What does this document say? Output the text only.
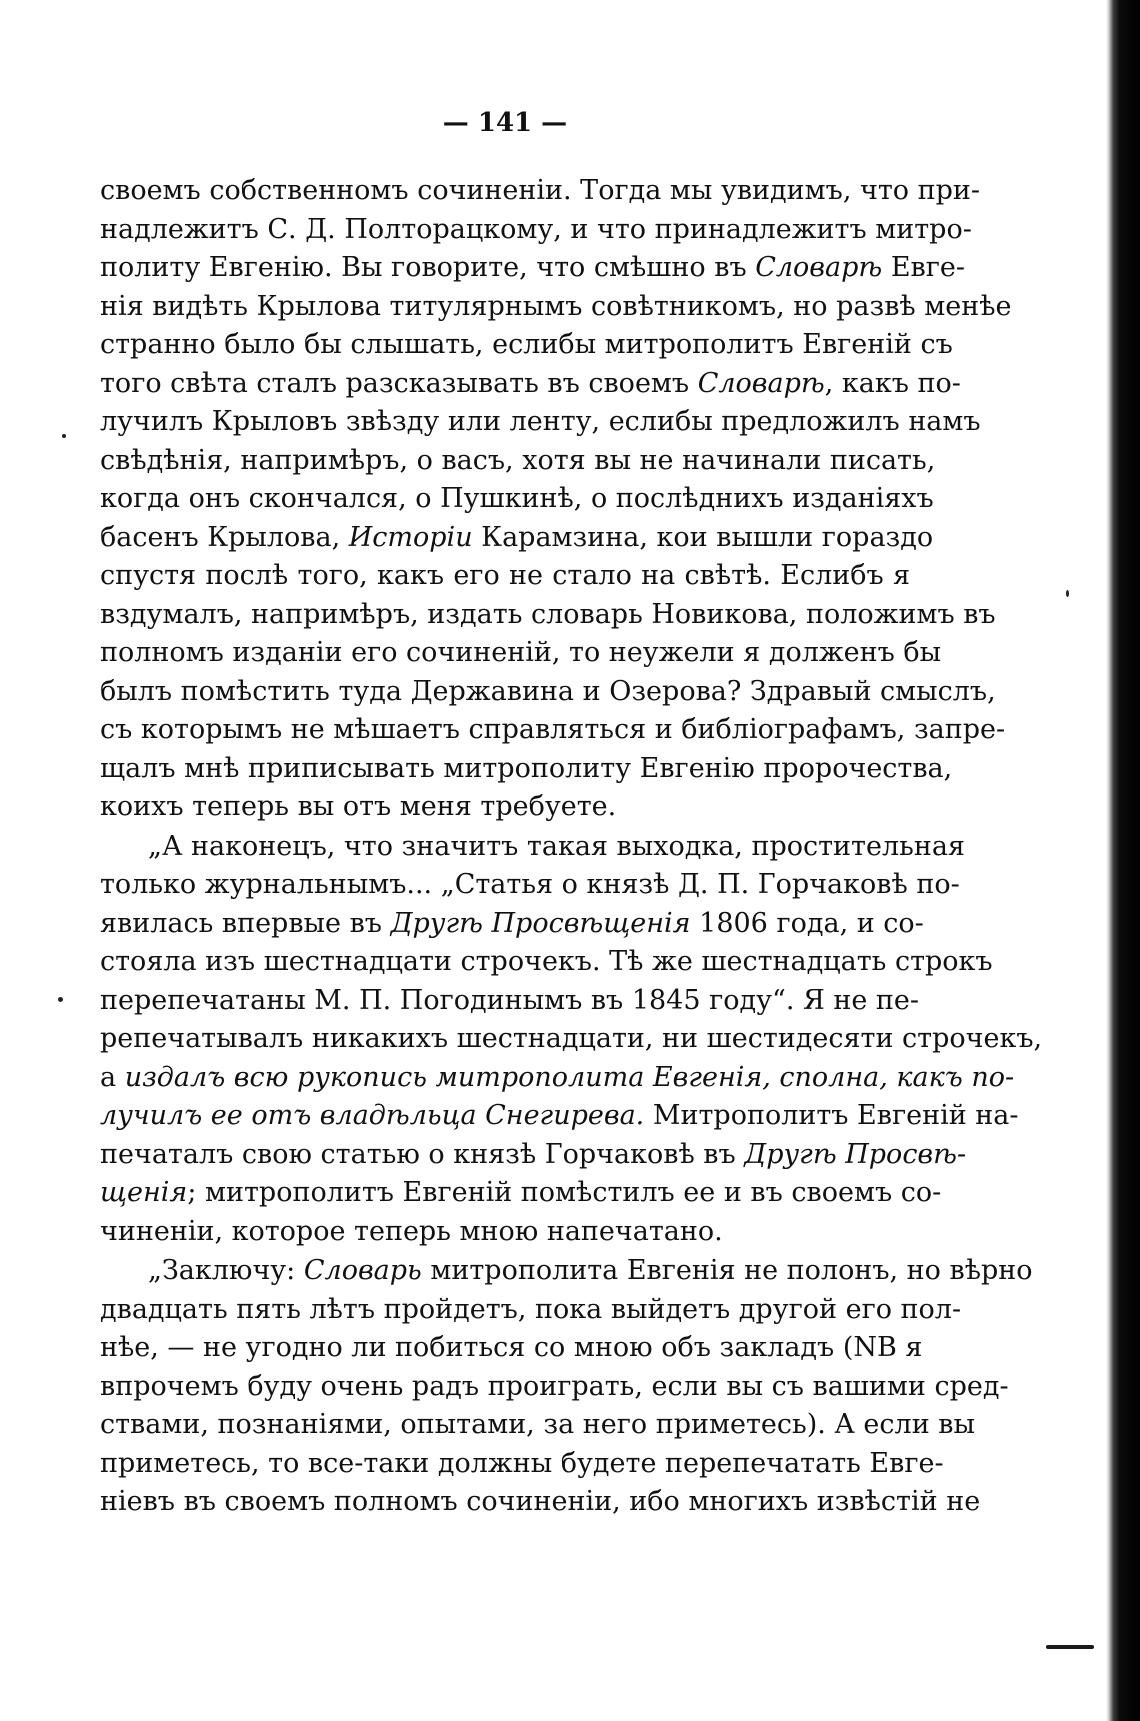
— 141 —

своемъ собственномъ сочиненіи. Тогда мы увидимъ, что при-
надлежитъ С. Д. Полторацкому, и что принадлежитъ митро-
политу Евгенію. Вы говорите, что смѣшно въ Словарѣ Евге-
нія видѣть Крылова титулярнымъ совѣтникомъ, но развѣ менѣе
странно было бы слышать, еслибы митрополитъ Евгеній съ
того свѣта сталъ разсказывать въ своемъ Словарѣ, какъ по-
лучилъ Крыловъ звѣзду или ленту, еслибы предложилъ намъ
свѣдѣнія, напримѣръ, о васъ, хотя вы не начинали писать,
когда онъ скончался, о Пушкинѣ, о послѣднихъ изданіяхъ
басенъ Крылова, Исторіи Карамзина, кои вышли гораздо
спустя послѣ того, какъ его не стало на свѣтѣ. Еслибъ я
вздумалъ, напримѣръ, издать словарь Новикова, положимъ въ
полномъ изданіи его сочиненій, то неужели я долженъ бы
былъ помѣстить туда Державина и Озерова? Здравый смыслъ,
съ которымъ не мѣшаетъ справляться и библіографамъ, запре-
щалъ мнѣ приписывать митрополиту Евгенію пророчества,
коихъ теперь вы отъ меня требуете.

„А наконецъ, что значитъ такая выходка, простительная
только журнальнымъ... „Статья о князѣ Д. П. Горчаковѣ по-
явилась впервые въ Другѣ Просвѣщенія 1806 года, и со-
стояла изъ шестнадцати строчекъ. Тѣ же шестнадцать строкъ
перепечатаны М. П. Погодинымъ въ 1845 году“. Я не пе-
репечатывалъ никакихъ шестнадцати, ни шестидесяти строчекъ,
а издалъ всю рукопись митрополита Евгенія, сполна, какъ по-
лучилъ ее отъ владѣльца Снегирева. Митрополитъ Евгеній на-
печаталъ свою статью о князѣ Горчаковѣ въ Другѣ Просвѣ-
щенія; митрополитъ Евгеній помѣстилъ ее и въ своемъ со-
чиненіи, которое теперь мною напечатано.

„Заключу: Словарь митрополита Евгенія не полонъ, но вѣрно
двадцать пять лѣтъ пройдетъ, пока выйдетъ другой его пол-
нѣе, — не угодно ли побиться со мною объ закладъ (NB я
впрочемъ буду очень радъ проиграть, если вы съ вашими сред-
ствами, познаніями, опытами, за него приметесь). А если вы
приметесь, то все-таки должны будете перепечатать Евге-
ніевъ въ своемъ полномъ сочиненіи, ибо многихъ извѣстій не
